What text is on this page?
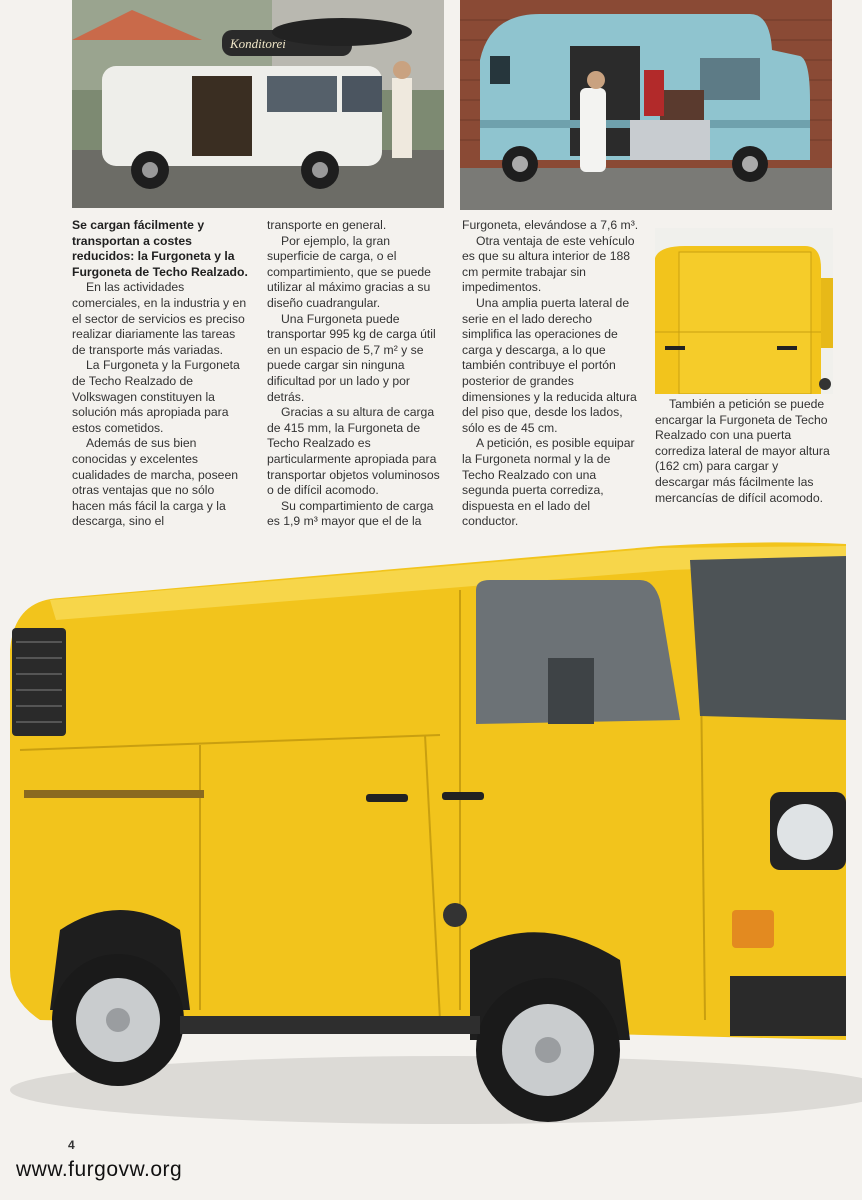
Konditorei

Se cargan fácilmente y transportan a costes reducidos: la Furgoneta y la Furgoneta de Techo Realzado.

En las actividades comerciales, en la industria y en el sector de servicios es preciso realizar diariamente las tareas de transporte más variadas.

La Furgoneta y la Furgoneta de Techo Realzado de Volkswagen constituyen la solución más apropiada para estos cometidos.

Además de sus bien conocidas y excelentes cualidades de marcha, poseen otras ventajas que no sólo hacen más fácil la carga y la descarga, sino el

transporte en general.

Por ejemplo, la gran superficie de carga, o el compartimiento, que se puede utilizar al máximo gracias a su diseño cuadrangular.

Una Furgoneta puede transportar 995 kg de carga útil en un espacio de 5,7 m² y se puede cargar sin ninguna dificultad por un lado y por detrás.

Gracias a su altura de carga de 415 mm, la Furgoneta de Techo Realzado es particularmente apropiada para transportar objetos voluminosos o de difícil acomodo.

Su compartimiento de carga es 1,9 m³ mayor que el de la

Furgoneta, elevándose a 7,6 m³.

Otra ventaja de este vehículo es que su altura interior de 188 cm permite trabajar sin impedimentos.

Una amplia puerta lateral de serie en el lado derecho simplifica las operaciones de carga y descarga, a lo que también contribuye el portón posterior de grandes dimensiones y la reducida altura del piso que, desde los lados, sólo es de 45 cm.

A petición, es posible equipar la Furgoneta normal y la de Techo Realzado con una segunda puerta corrediza, dispuesta en el lado del conductor.

También a petición se puede encargar la Furgoneta de Techo Realzado con una puerta corrediza lateral de mayor altura (162 cm) para cargar y descargar más fácilmente las mercancías de difícil acomodo.
4
www.furgovw.org
